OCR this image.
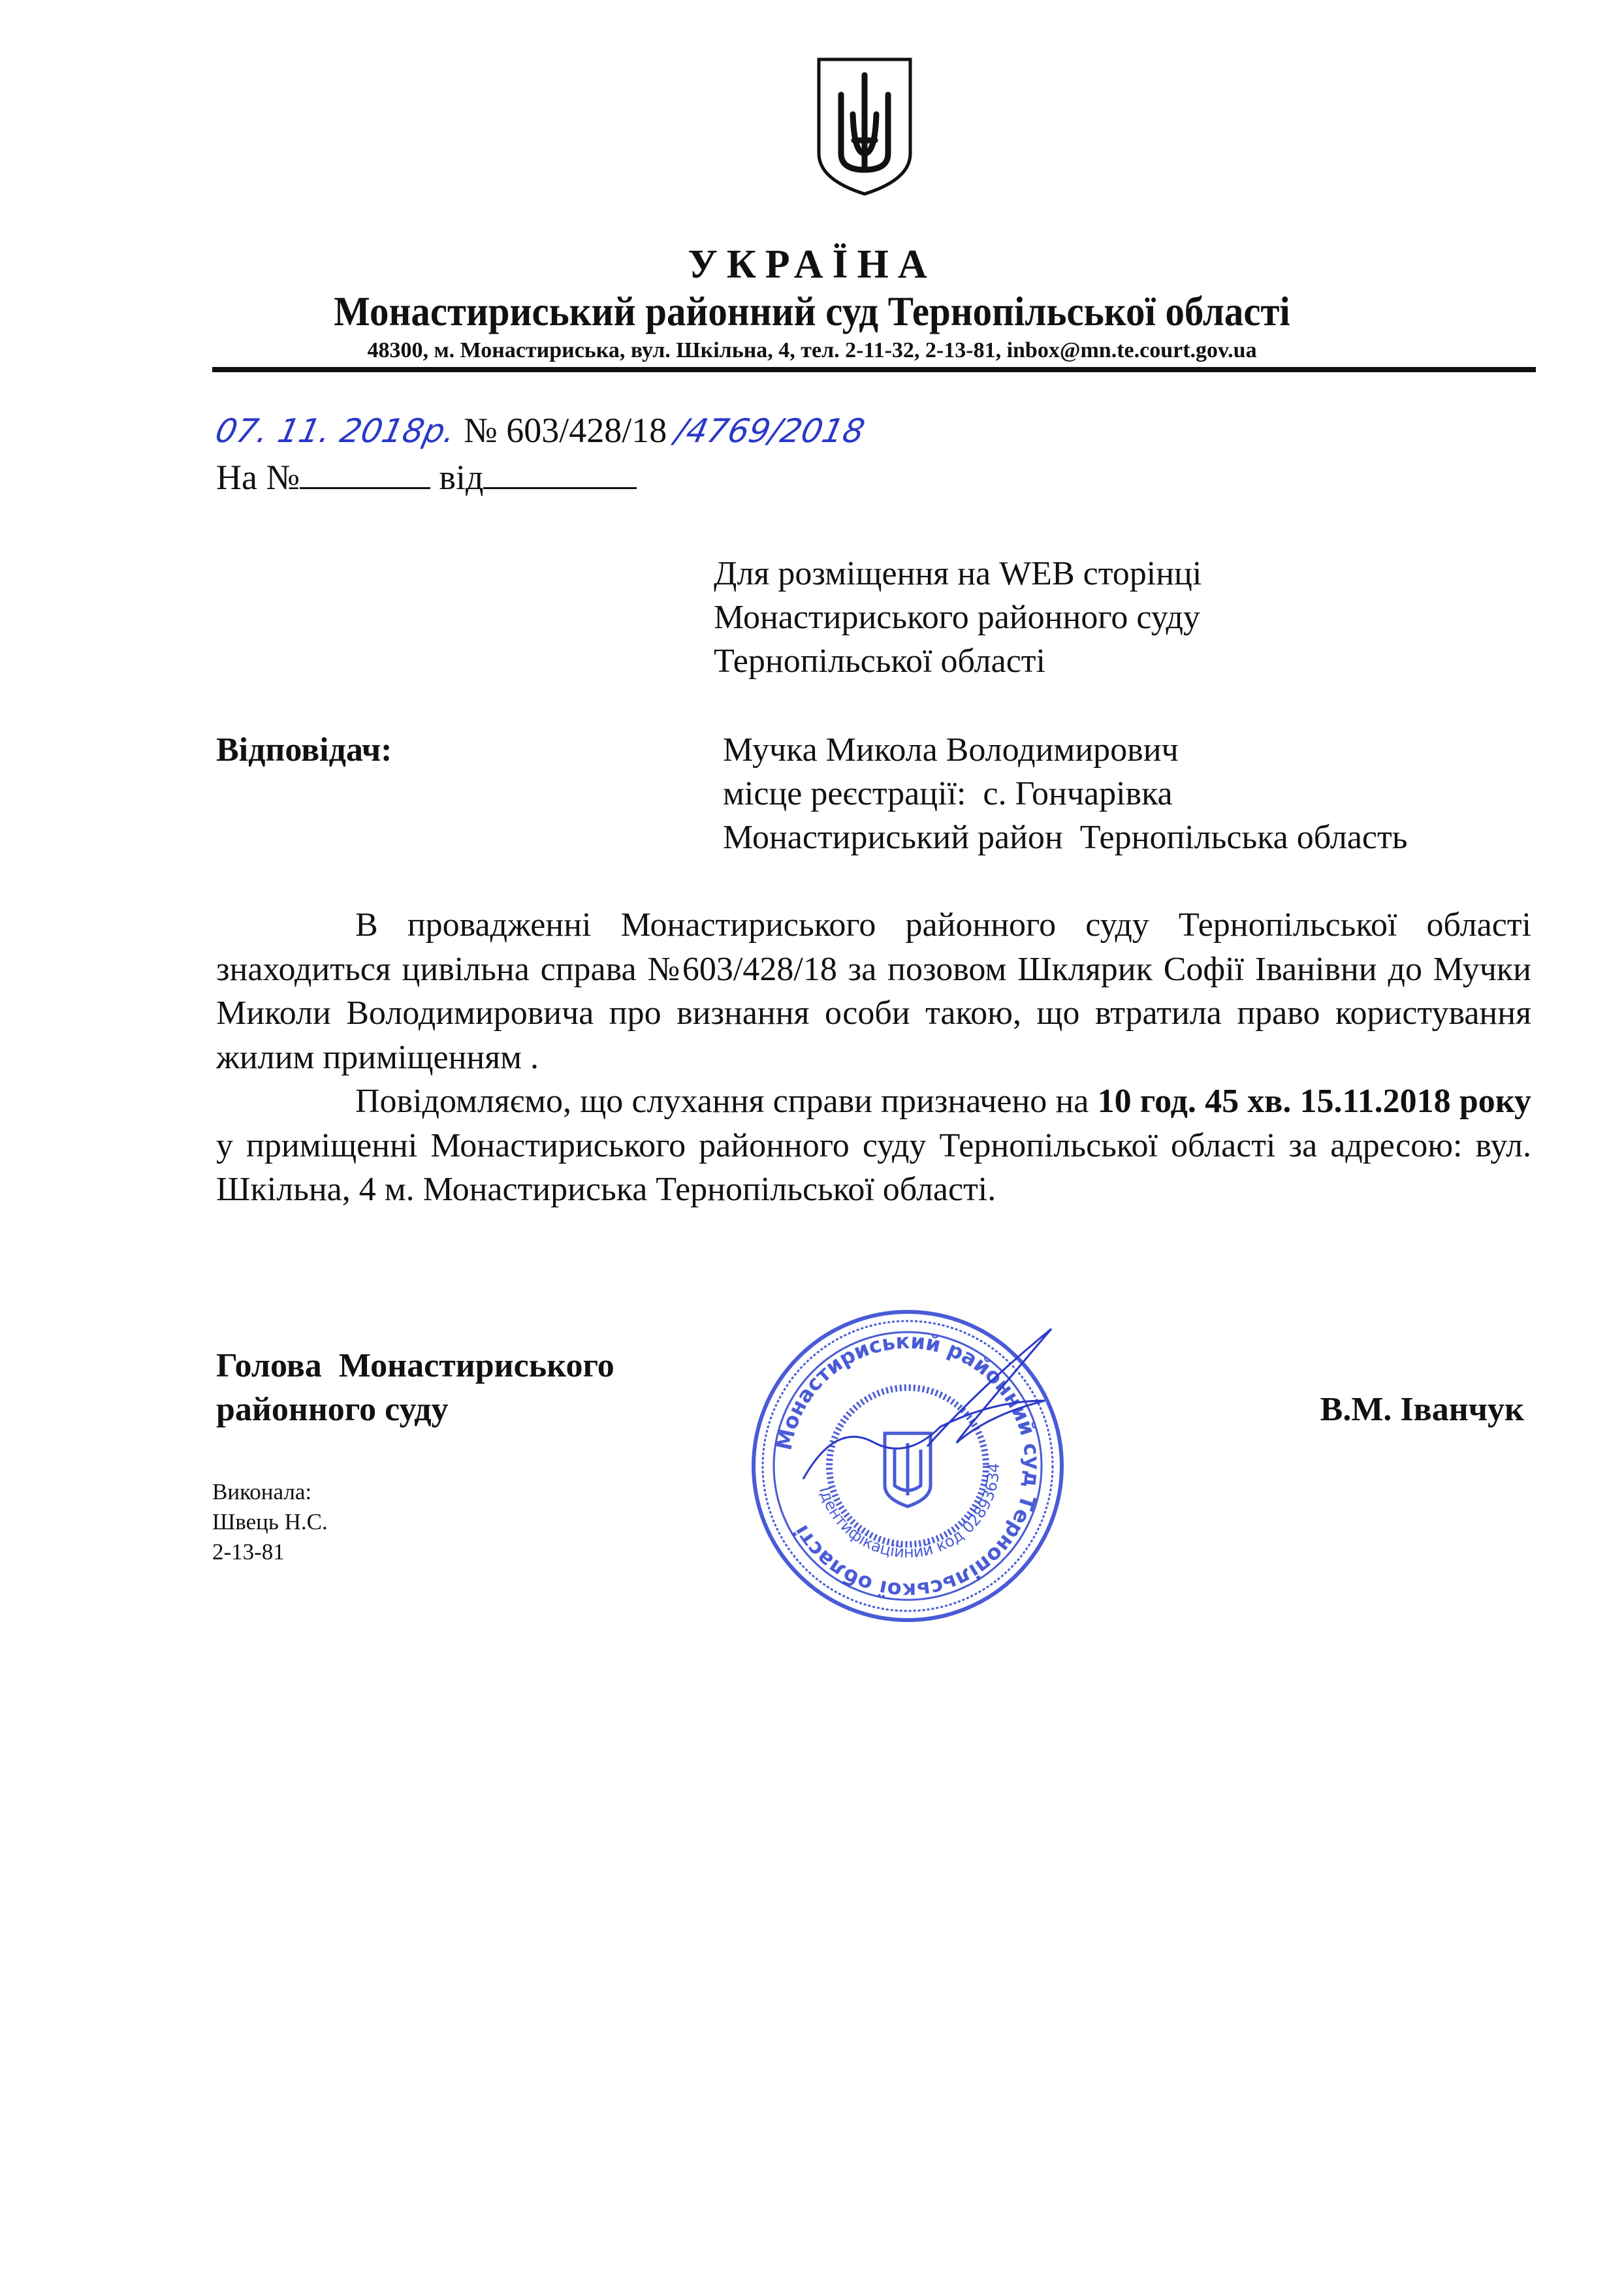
УКРАЇНА
Монастириський районний суд Тернопільської області
48300, м. Монастириська, вул. Шкільна, 4, тел. 2-11-32, 2-13-81, inbox@mn.te.court.gov.ua
07. 11. 2018р. № 603/428/18 /4769/2018
На №	від
Для розміщення на WEB сторінці
Монастириського районного суду
Тернопільської області
Відповідач:	Мучка Микола Володимирович
місце реєстрації:  с. Гончарівка
Монастириський район  Тернопільська область

В провадженні Монастириського районного суду Тернопільської області знаходиться цивільна справа №603/428/18 за позовом Шклярик Софії Іванівни до Мучки Миколи Володимировича про визнання особи такою, що втратила право користування жилим приміщенням .

Повідомляємо, що слухання справи призначено на 10 год. 45 хв. 15.11.2018 року у приміщенні Монастириського районного суду Тернопільської області за адресою: вул. Шкільна, 4 м. Монастириська Тернопільської області.

Голова  Монастириського
районного суду	В.М. Іванчук
Виконала:
Швець Н.С.
2-13-81
Монастириський районний суд Тернопільської області
Ідентифікаційний код 02893634
